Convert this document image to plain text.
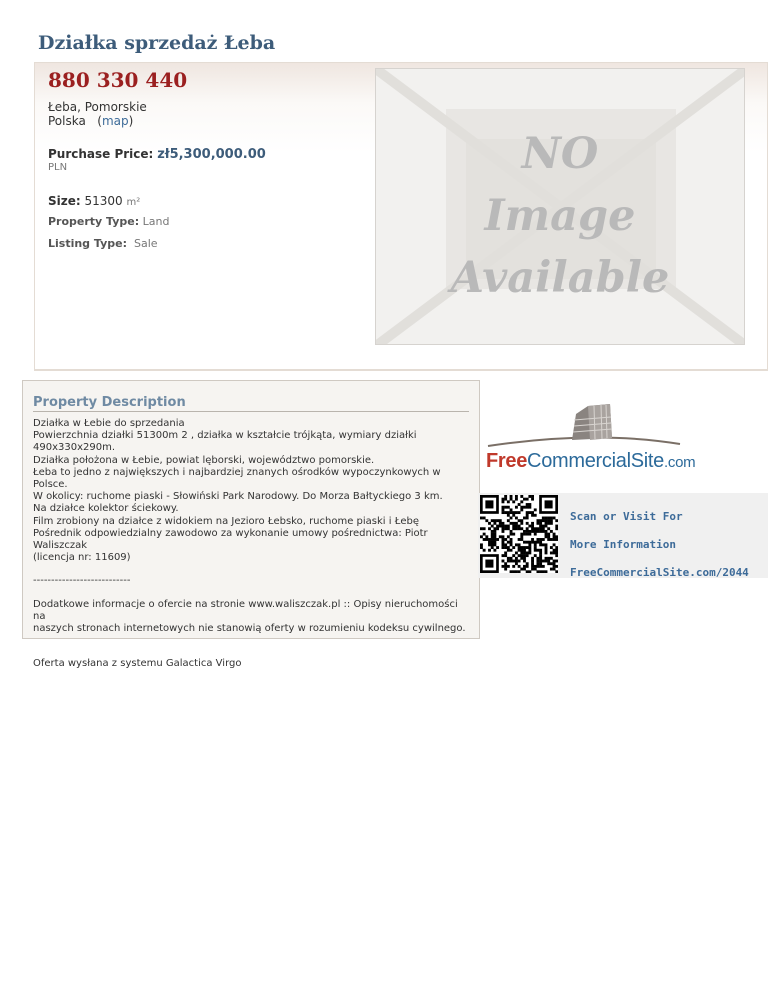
Działka sprzedaż Łeba
880 330 440
Łeba, Pomorskie
Polska   (map)
Purchase Price: zł5,300,000.00
PLN
Size: 51300 m²
Property Type: Land
Listing Type: Sale
NO
Image
Available
Property Description
Działka w Łebie do sprzedania
Powierzchnia działki 51300m 2 , działka w kształcie trójkąta, wymiary działki 490x330x290m.
Działka położona w Łebie, powiat lęborski, województwo pomorskie.
Łeba to jedno z największych i najbardziej znanych ośrodków wypoczynkowych w Polsce.
W okolicy: ruchome piaski - Słowiński Park Narodowy. Do Morza Bałtyckiego 3 km.
Na działce kolektor ściekowy.
Film zrobiony na działce z widokiem na Jezioro Łebsko, ruchome piaski i Łebę
Pośrednik odpowiedzialny zawodowo za wykonanie umowy pośrednictwa: Piotr Waliszczak
(licencja nr: 11609)
---------------------------
Dodatkowe informacje o ofercie na stronie www.waliszczak.pl :: Opisy nieruchomości na
naszych stronach internetowych nie stanowią oferty w rozumieniu kodeksu cywilnego.
Oferta wysłana z systemu Galactica Virgo
FreeCommercialSite.com
Scan or Visit For
More Information
FreeCommercialSite.com/2044
